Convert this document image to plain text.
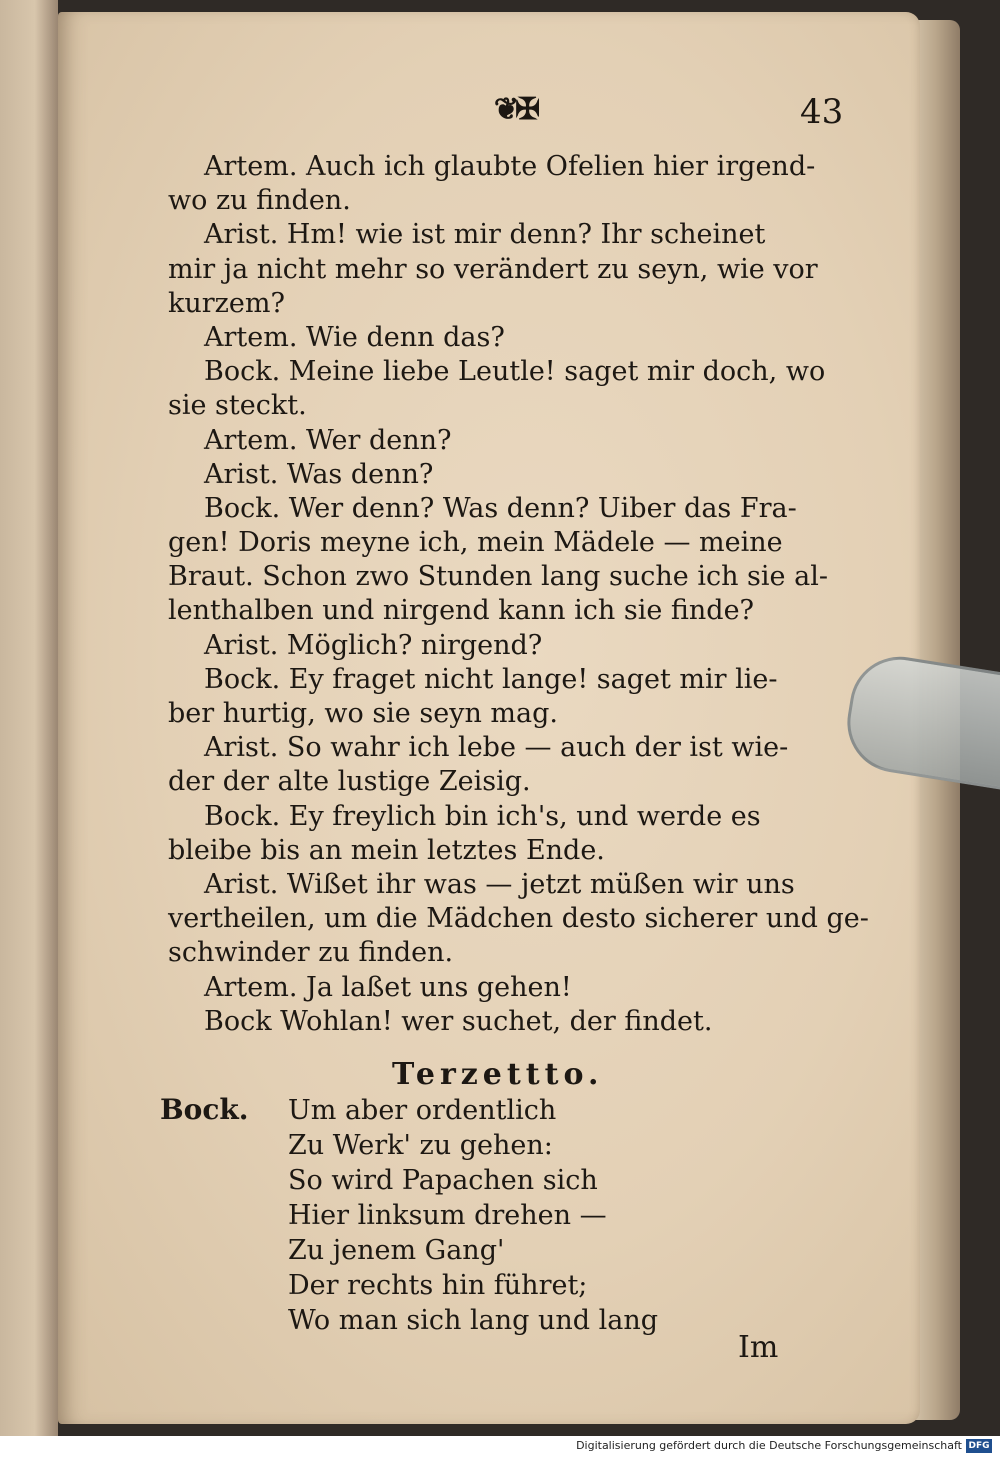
❦✠	43
Artem. Auch ich glaubte Ofelien hier irgend-
wo zu finden.
Arist. Hm! wie ist mir denn? Ihr scheinet
mir ja nicht mehr so verändert zu seyn, wie vor
kurzem?
Artem. Wie denn das?
Bock. Meine liebe Leutle! saget mir doch, wo
sie steckt.
Artem. Wer denn?
Arist. Was denn?
Bock. Wer denn? Was denn? Uiber das Fra-
gen! Doris meyne ich, mein Mädele — meine
Braut. Schon zwo Stunden lang suche ich sie al-
lenthalben und nirgend kann ich sie finde?
Arist. Möglich? nirgend?
Bock. Ey fraget nicht lange! saget mir lie-
ber hurtig, wo sie seyn mag.
Arist. So wahr ich lebe — auch der ist wie-
der der alte lustige Zeisig.
Bock. Ey freylich bin ich's, und werde es
bleibe bis an mein letztes Ende.
Arist. Wißet ihr was — jetzt müßen wir uns
vertheilen, um die Mädchen desto sicherer und ge-
schwinder zu finden.
Artem. Ja laßet uns gehen!
Bock Wohlan! wer suchet, der findet.
Terzettto.
Bock. Um aber ordentlich
Zu Werk' zu gehen:
So wird Papachen sich
Hier linksum drehen —
Zu jenem Gang'
Der rechts hin führet;
Wo man sich lang und lang
Im
Digitalisierung gefördert durch die Deutsche Forschungsgemeinschaft DFG
